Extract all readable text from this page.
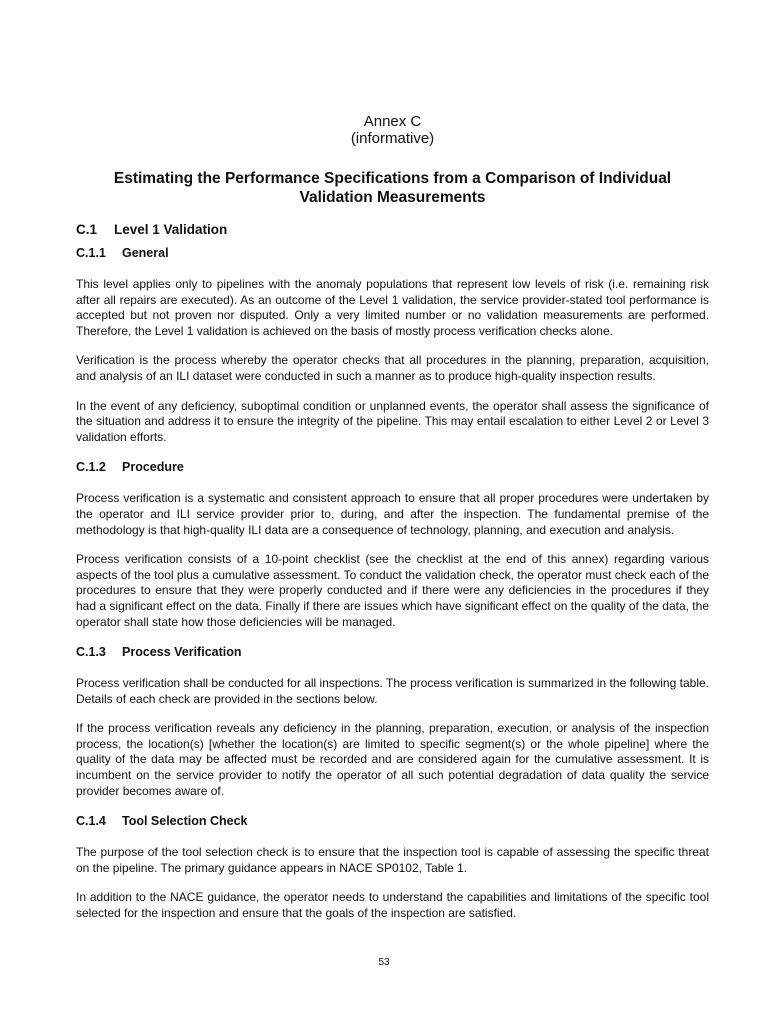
Annex C
(informative)
Estimating the Performance Specifications from a Comparison of Individual
Validation Measurements
C.1 Level 1 Validation
C.1.1 General

This level applies only to pipelines with the anomaly populations that represent low levels of risk (i.e. remaining risk after all repairs are executed). As an outcome of the Level 1 validation, the service provider-stated tool performance is accepted but not proven nor disputed. Only a very limited number or no validation measurements are performed. Therefore, the Level 1 validation is achieved on the basis of mostly process verification checks alone.

Verification is the process whereby the operator checks that all procedures in the planning, preparation, acquisition, and analysis of an ILI dataset were conducted in such a manner as to produce high-quality inspection results.

In the event of any deficiency, suboptimal condition or unplanned events, the operator shall assess the significance of the situation and address it to ensure the integrity of the pipeline. This may entail escalation to either Level 2 or Level 3 validation efforts.

C.1.2 Procedure

Process verification is a systematic and consistent approach to ensure that all proper procedures were undertaken by the operator and ILI service provider prior to, during, and after the inspection. The fundamental premise of the methodology is that high-quality ILI data are a consequence of technology, planning, and execution and analysis.

Process verification consists of a 10-point checklist (see the checklist at the end of this annex) regarding various aspects of the tool plus a cumulative assessment. To conduct the validation check, the operator must check each of the procedures to ensure that they were properly conducted and if there were any deficiencies in the procedures if they had a significant effect on the data. Finally if there are issues which have significant effect on the quality of the data, the operator shall state how those deficiencies will be managed.

C.1.3 Process Verification

Process verification shall be conducted for all inspections. The process verification is summarized in the following table. Details of each check are provided in the sections below.

If the process verification reveals any deficiency in the planning, preparation, execution, or analysis of the inspection process, the location(s) [whether the location(s) are limited to specific segment(s) or the whole pipeline] where the quality of the data may be affected must be recorded and are considered again for the cumulative assessment. It is incumbent on the service provider to notify the operator of all such potential degradation of data quality the service provider becomes aware of.

C.1.4 Tool Selection Check

The purpose of the tool selection check is to ensure that the inspection tool is capable of assessing the specific threat on the pipeline. The primary guidance appears in NACE SP0102, Table 1.

In addition to the NACE guidance, the operator needs to understand the capabilities and limitations of the specific tool selected for the inspection and ensure that the goals of the inspection are satisfied.

53
